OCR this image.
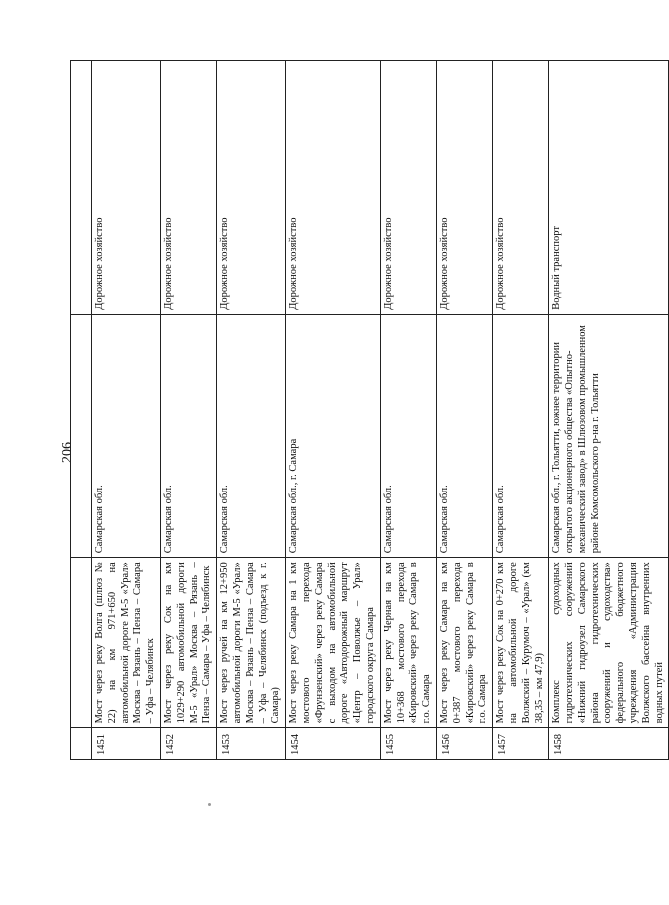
206

1451	Мост через реку Волга (шлюз № 22) на км 971+650 на автомобильной дороге М-5 «Урал» Москва – Рязань – Пенза – Самара – Уфа – Челябинск	Самарская обл.	Дорожное хозяйство
1452	Мост через реку Сок на км 1029+290 автомобильной дороги М-5 «Урал» Москва – Рязань – Пенза – Самара – Уфа – Челябинск	Самарская обл.	Дорожное хозяйство
1453	Мост через ручей на км 12+950 автомобильной дороги М-5 «Урал» Москва – Рязань – Пенза – Самара – Уфа – Челябинск (подъезд к г. Самара)	Самарская обл.	Дорожное хозяйство
1454	Мост через реку Самара на 1 км мостового перехода «Фрунзенский» через реку Самара с выходом на автомобильной дороге «Автодорожный маршрут «Центр – Поволжье – Урал» городского округа Самара	Самарская обл., г. Самара	Дорожное хозяйство
1455	Мост через реку Черная на км 10+368 мостового перехода «Кировский» через реку Самара в г.о. Самара	Самарская обл.	Дорожное хозяйство
1456	Мост через реку Самара на км 0+387 мостового перехода «Кировский» через реку Самара в г.о. Самара	Самарская обл.	Дорожное хозяйство
1457	Мост через реку Сок на 0+270 км на автомобильной дороге Волжский – Курумоч – «Урал» (км 38,35 – км 47,9)	Самарская обл.	Дорожное хозяйство
1458	Комплекс судоходных гидротехнических сооружений «Нижний гидроузел Самарского района гидротехнических сооружений и судоходства» федерального бюджетного учреждения «Администрация Волжского бассейна внутренних водных путей	Самарская обл., г. Тольятти, южнее территории открытого акционерного общества «Опытно-механический завод» в Шлюзовом промышленном районе Комсомольского р-на г. Тольятти	Водный транспорт
